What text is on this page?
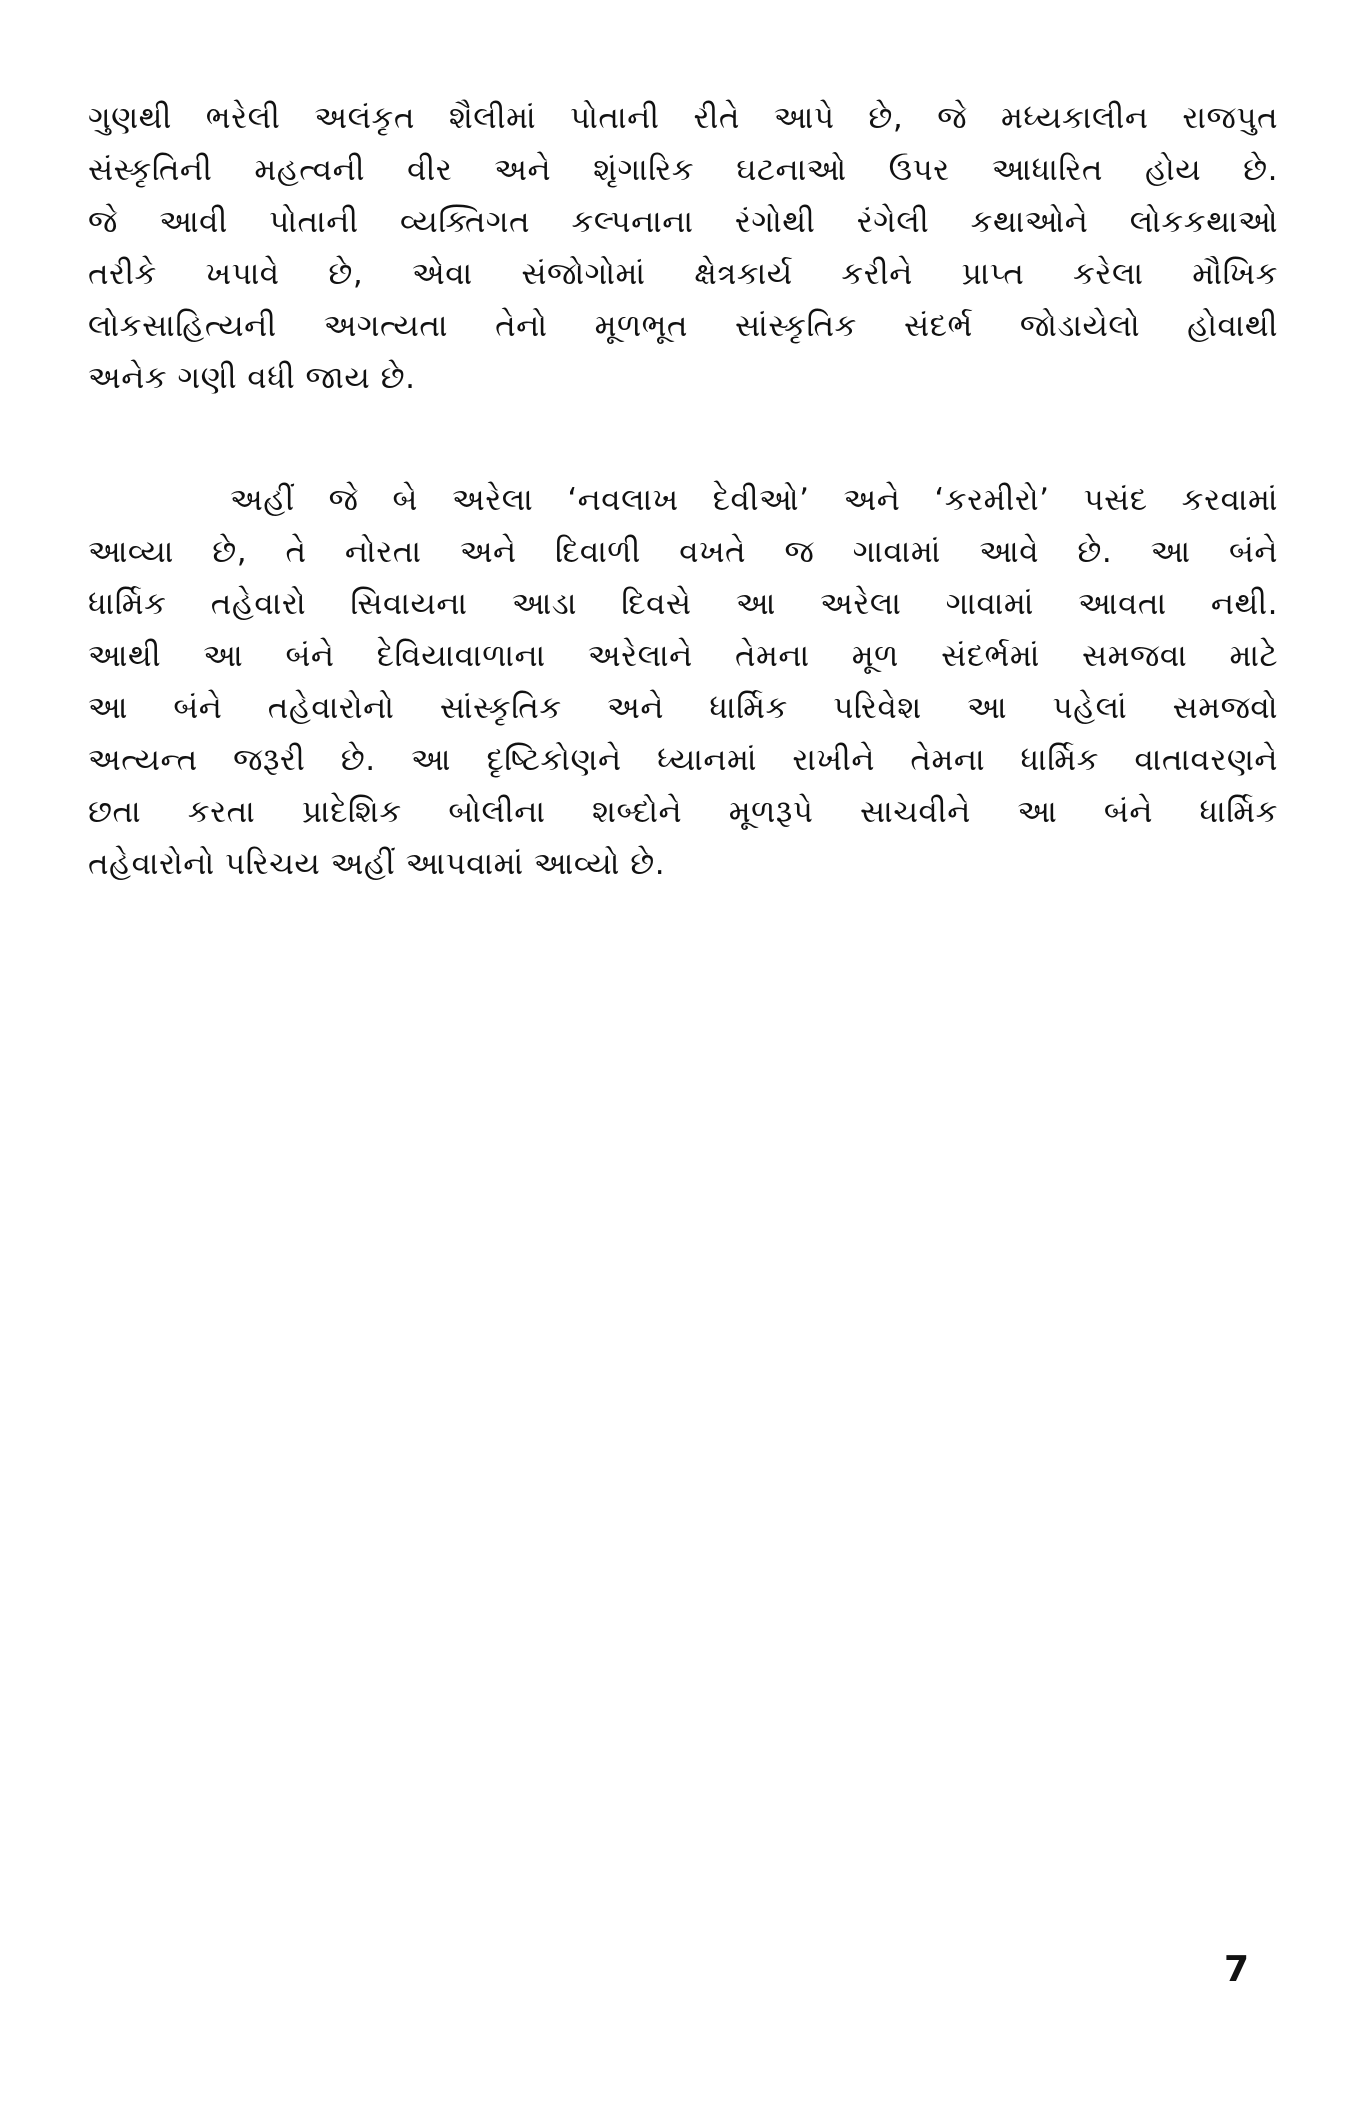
ગુણથી ભરેલી અલંકૃત શૈલીમાં પોતાની રીતે આપે છે, જે મધ્યકાલીન રાજપુત
સંસ્કૃતિની મહત્વની વીર અને શૃંગારિક ઘટનાઓ ઉપર આધારિત હોય છે.
જે આવી પોતાની વ્યક્તિગત કલ્પનાના રંગોથી રંગેલી કથાઓને લોકકથાઓ
તરીકે ખપાવે છે, એવા સંજોગોમાં ક્ષેત્રકાર્ય કરીને પ્રાપ્ત કરેલા મૌખિક
લોકસાહિત્યની અગત્યતા તેનો મૂળભૂત સાંસ્કૃતિક સંદર્ભ જોડાયેલો હોવાથી
અનેક ગણી વધી જાય છે.
અહીં જે બે અરેલા ‘નવલાખ દેવીઓ’ અને ‘કરમીરો’ પસંદ કરવામાં
આવ્યા છે, તે નોરતા અને દિવાળી વખતે જ ગાવામાં આવે છે. આ બંને
ધાર્મિક તહેવારો સિવાયના આડા દિવસે આ અરેલા ગાવામાં આવતા નથી.
આથી આ બંને દેવિયાવાળાના અરેલાને તેમના મૂળ સંદર્ભમાં સમજવા માટે
આ બંને તહેવારોનો સાંસ્કૃતિક અને ધાર્મિક પરિવેશ આ પહેલાં સમજવો
અત્યન્ત જરૂરી છે. આ દૃષ્ટિકોણને ધ્યાનમાં રાખીને તેમના ધાર્મિક વાતાવરણને
છતા કરતા પ્રાદેશિક બોલીના શબ્દોને મૂળરૂપે સાચવીને આ બંને ધાર્મિક
તહેવારોનો પરિચય અહીં આપવામાં આવ્યો છે.
7
